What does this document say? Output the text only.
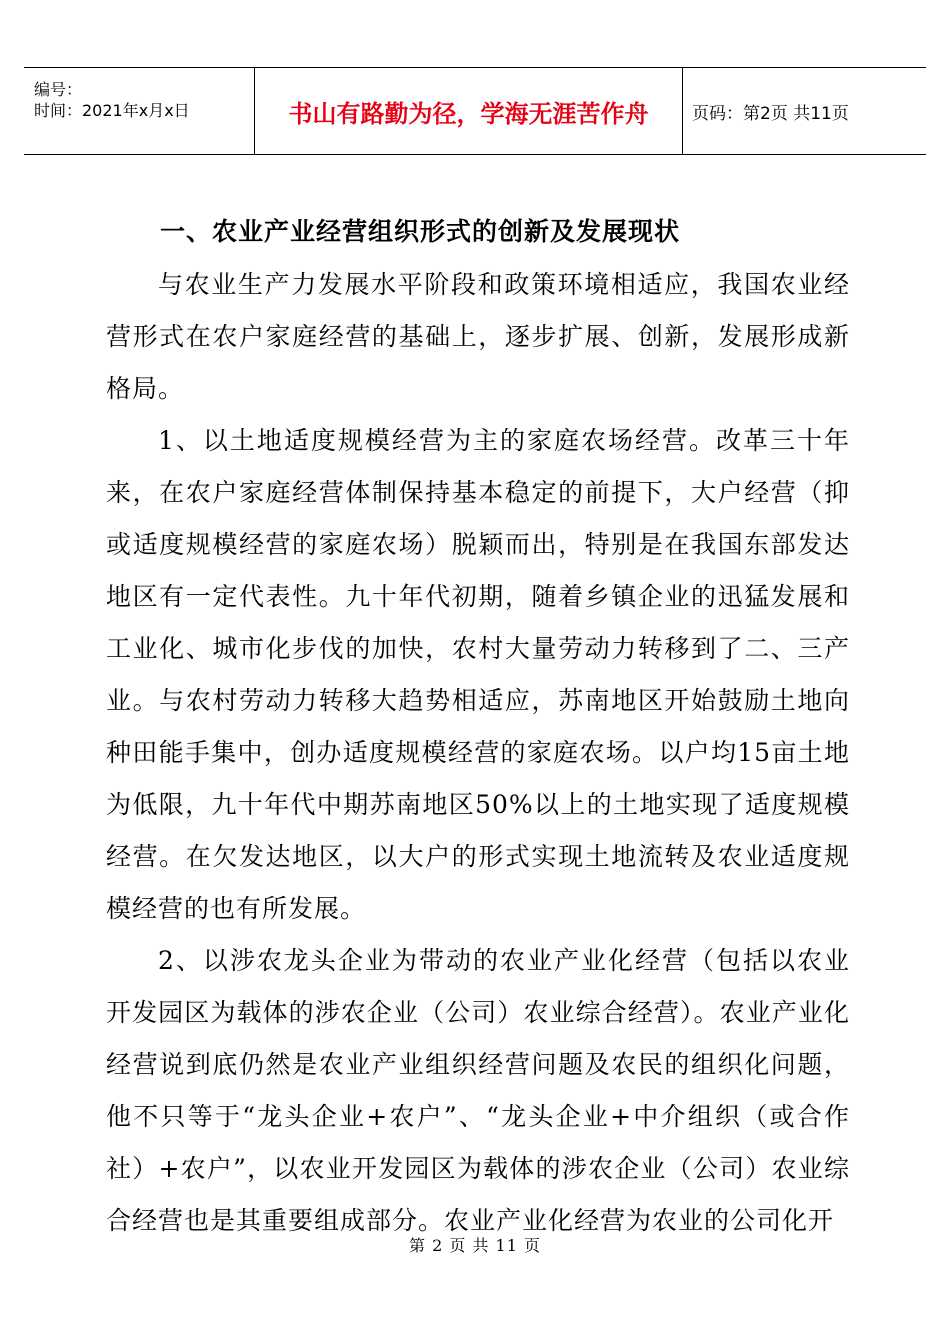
编号：
时间：2021年x月x日	书山有路勤为径，学海无涯苦作舟	页码：第2页 共11页

一、农业产业经营组织形式的创新及发展现状

与农业生产力发展水平阶段和政策环境相适应，我国农业经营形式在农户家庭经营的基础上，逐步扩展、创新，发展形成新格局。

1、以土地适度规模经营为主的家庭农场经营。改革三十年来，在农户家庭经营体制保持基本稳定的前提下，大户经营（抑或适度规模经营的家庭农场）脱颖而出，特别是在我国东部发达地区有一定代表性。九十年代初期，随着乡镇企业的迅猛发展和工业化、城市化步伐的加快，农村大量劳动力转移到了二、三产业。与农村劳动力转移大趋势相适应，苏南地区开始鼓励土地向种田能手集中，创办适度规模经营的家庭农场。以户均15亩土地为低限，九十年代中期苏南地区50%以上的土地实现了适度规模经营。在欠发达地区，以大户的形式实现土地流转及农业适度规模经营的也有所发展。

2、以涉农龙头企业为带动的农业产业化经营（包括以农业开发园区为载体的涉农企业（公司）农业综合经营）。农业产业化经营说到底仍然是农业产业组织经营问题及农民的组织化问题，他不只等于“龙头企业+农户”、“龙头企业+中介组织（或合作社）+农户”，以农业开发园区为载体的涉农企业（公司）农业综合经营也是其重要组成部分。农业产业化经营为农业的公司化开

第 2 页 共 11 页
